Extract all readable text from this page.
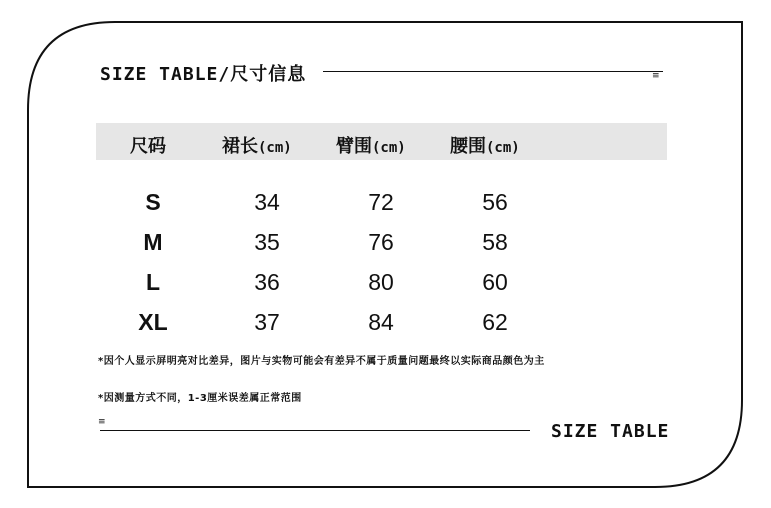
SIZE TABLE/尺寸信息	≡
尺码	裙长(cm) 臂围(cm) 腰围(cm)
S	34	72	56
M	35	76	58
L	36	80	60
XL	37	84	62
*因个人显示屏明亮对比差异，图片与实物可能会有差异不属于质量问题最终以实际商品颜色为主
*因测量方式不同，1-3厘米误差属正常范围
≡	SIZE TABLE
